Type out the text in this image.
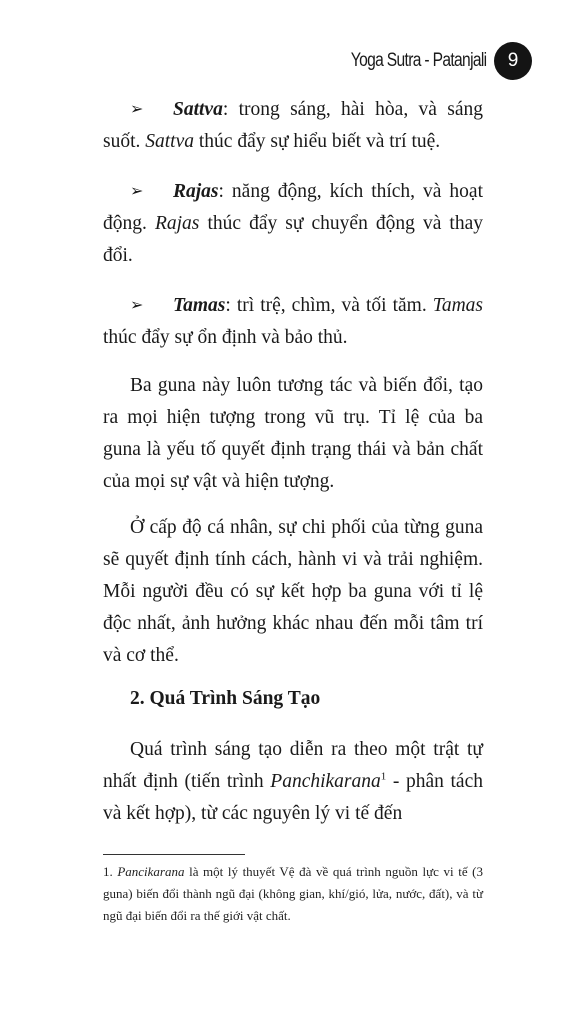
Yoga Sutra - Patanjali	9

Sattva: trong sáng, hài hòa, và sáng suốt. Sattva thúc đẩy sự hiểu biết và trí tuệ.

➢

Rajas: năng động, kích thích, và hoạt động. Rajas thúc đẩy sự chuyển động và thay đổi.

➢

Tamas: trì trệ, chìm, và tối tăm. Tamas thúc đẩy sự ổn định và bảo thủ.

➢

Ba guna này luôn tương tác và biến đổi, tạo ra mọi hiện tượng trong vũ trụ. Tỉ lệ của ba guna là yếu tố quyết định trạng thái và bản chất của mọi sự vật và hiện tượng.

Ở cấp độ cá nhân, sự chi phối của từng guna sẽ quyết định tính cách, hành vi và trải nghiệm. Mỗi người đều có sự kết hợp ba guna với tỉ lệ độc nhất, ảnh hưởng khác nhau đến mỗi tâm trí và cơ thể.

2. Quá Trình Sáng Tạo

Quá trình sáng tạo diễn ra theo một trật tự nhất định (tiến trình Panchikarana$^1$ - phân tách và kết hợp), từ các nguyên lý vi tế đến

1. Pancikarana là một lý thuyết Vệ đà về quá trình nguồn lực vi tế (3 guna) biến đổi thành ngũ đại (không gian, khí/gió, lửa, nước, đất), và từ ngũ đại biến đổi ra thế giới vật chất.
